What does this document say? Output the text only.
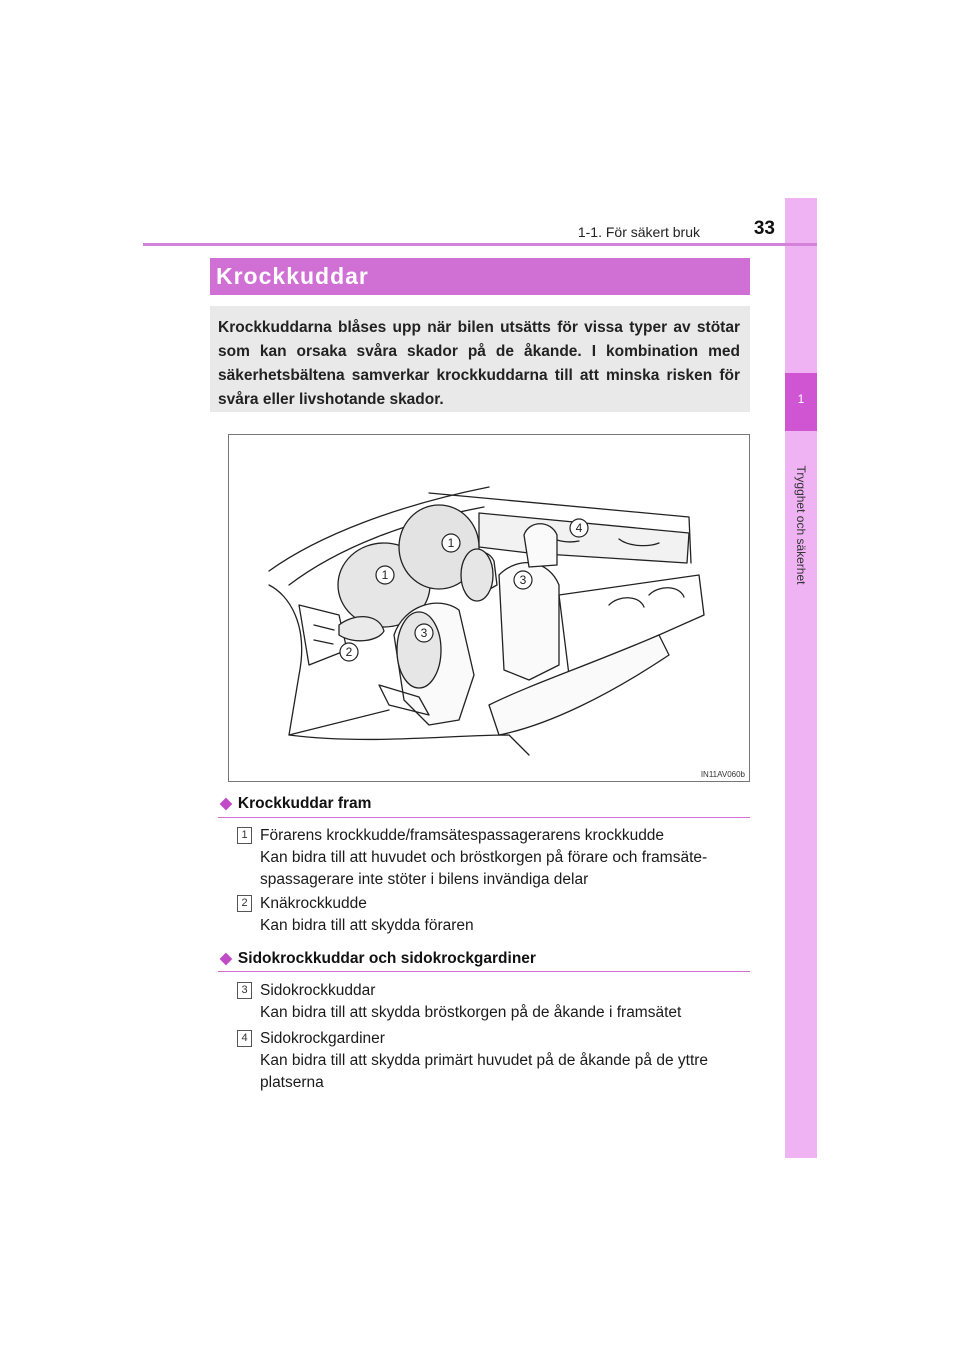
1
Trygghet och säkerhet
1-1. För säkert bruk	33
Krockkuddar
Krockkuddarna blåses upp när bilen utsätts för vissa typer av stötar som kan orsaka svåra skador på de åkande. I kombination med säkerhetsbältena samverkar krockkuddarna till att minska risken för svåra eller livshotande skador.
1
1
2
3
3
4
IN11AV060b
◆ Krockkuddar fram
1 Förarens krockkudde/framsätespassagerarens krockkudde
Kan bidra till att huvudet och bröstkorgen på förare och framsäte-
spassagerare inte stöter i bilens invändiga delar
2 Knäkrockkudde
Kan bidra till att skydda föraren
◆ Sidokrockkuddar och sidokrockgardiner
3 Sidokrockkuddar
Kan bidra till att skydda bröstkorgen på de åkande i framsätet
4 Sidokrockgardiner
Kan bidra till att skydda primärt huvudet på de åkande på de yttre
platserna
